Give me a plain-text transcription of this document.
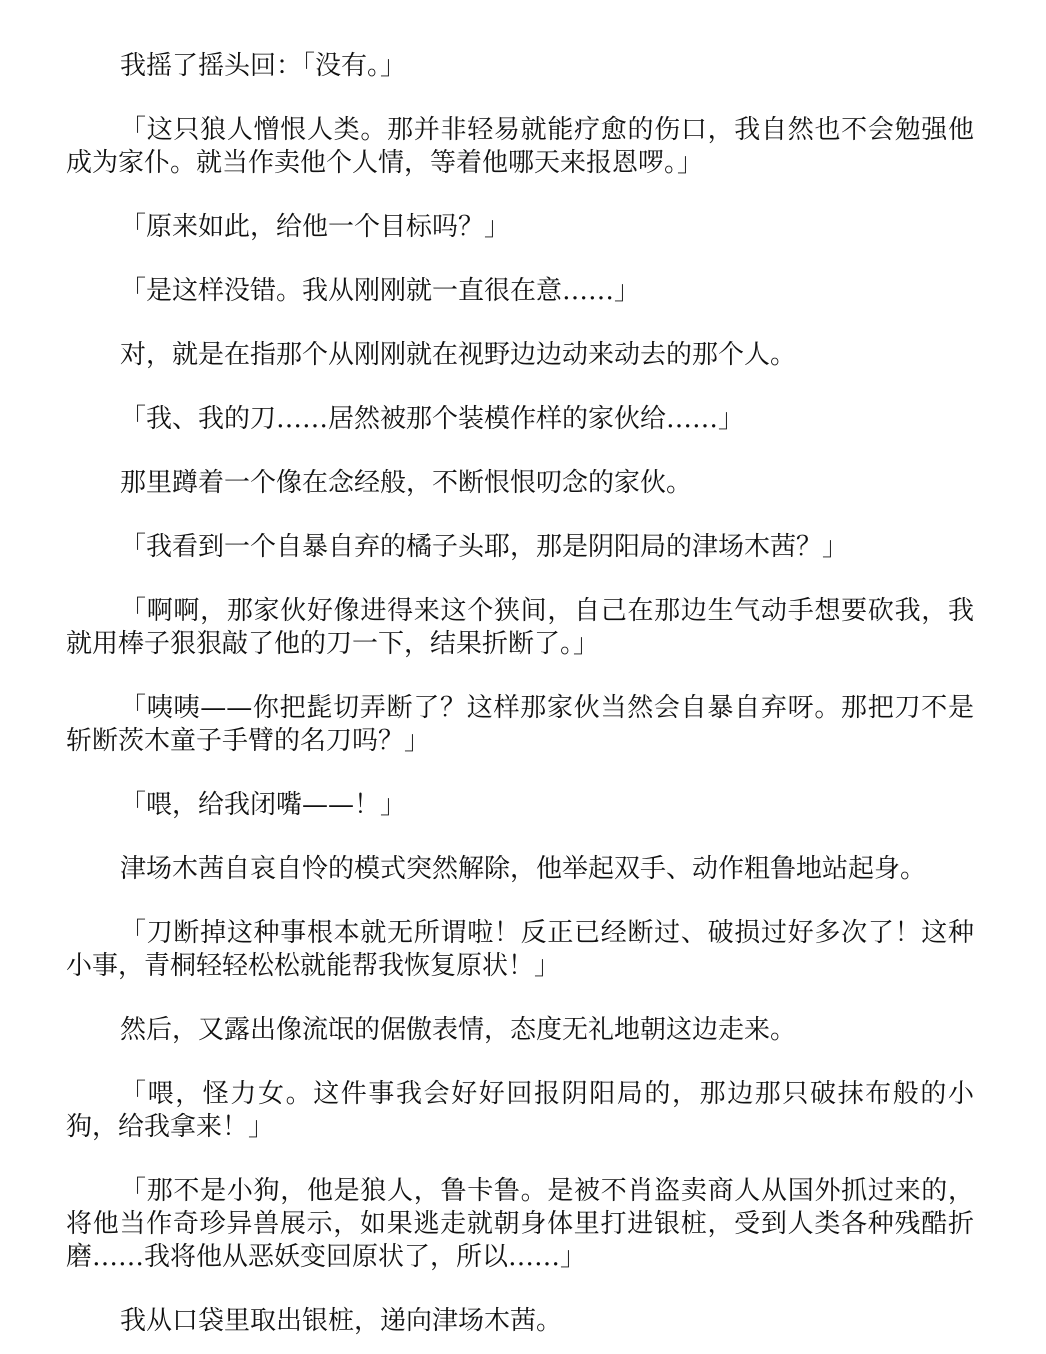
我摇了摇头回：「没有。」

「这只狼人憎恨人类。那并非轻易就能疗愈的伤口，我自然也不会勉强他成为家仆。就当作卖他个人情，等着他哪天来报恩啰。」

「原来如此，给他一个目标吗？」

「是这样没错。我从刚刚就一直很在意……」

对，就是在指那个从刚刚就在视野边边动来动去的那个人。

「我、我的刀……居然被那个装模作样的家伙给……」

那里蹲着一个像在念经般，不断恨恨叨念的家伙。

「我看到一个自暴自弃的橘子头耶，那是阴阳局的津场木茜？」

「啊啊，那家伙好像进得来这个狭间，自己在那边生气动手想要砍我，我就用棒子狠狠敲了他的刀一下，结果折断了。」

「咦咦——你把髭切弄断了？这样那家伙当然会自暴自弃呀。那把刀不是斩断茨木童子手臂的名刀吗？」

「喂，给我闭嘴——！」

津场木茜自哀自怜的模式突然解除，他举起双手、动作粗鲁地站起身。

「刀断掉这种事根本就无所谓啦！反正已经断过、破损过好多次了！这种小事，青桐轻轻松松就能帮我恢复原状！」

然后，又露出像流氓的倨傲表情，态度无礼地朝这边走来。

「喂，怪力女。这件事我会好好回报阴阳局的，那边那只破抹布般的小狗，给我拿来！」

「那不是小狗，他是狼人，鲁卡鲁。是被不肖盗卖商人从国外抓过来的，将他当作奇珍异兽展示，如果逃走就朝身体里打进银桩，受到人类各种残酷折磨……我将他从恶妖变回原状了，所以……」

我从口袋里取出银桩，递向津场木茜。
